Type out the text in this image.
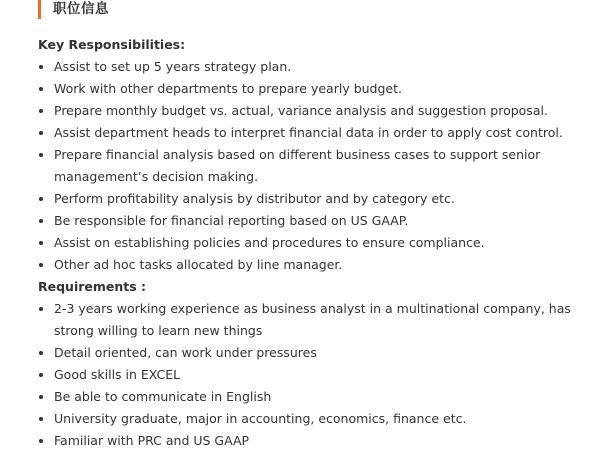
职位信息
Key Responsibilities:
Assist to set up 5 years strategy plan.
Work with other departments to prepare yearly budget.
Prepare monthly budget vs. actual, variance analysis and suggestion proposal.
Assist department heads to interpret financial data in order to apply cost control.
Prepare financial analysis based on different business cases to support senior management’s decision making.
Perform profitability analysis by distributor and by category etc.
Be responsible for financial reporting based on US GAAP.
Assist on establishing policies and procedures to ensure compliance.
Other ad hoc tasks allocated by line manager.
Requirements :
2-3 years working experience as business analyst in a multinational company, has strong willing to learn new things
Detail oriented, can work under pressures
Good skills in EXCEL
Be able to communicate in English
University graduate, major in accounting, economics, finance etc.
Familiar with PRC and US GAAP
